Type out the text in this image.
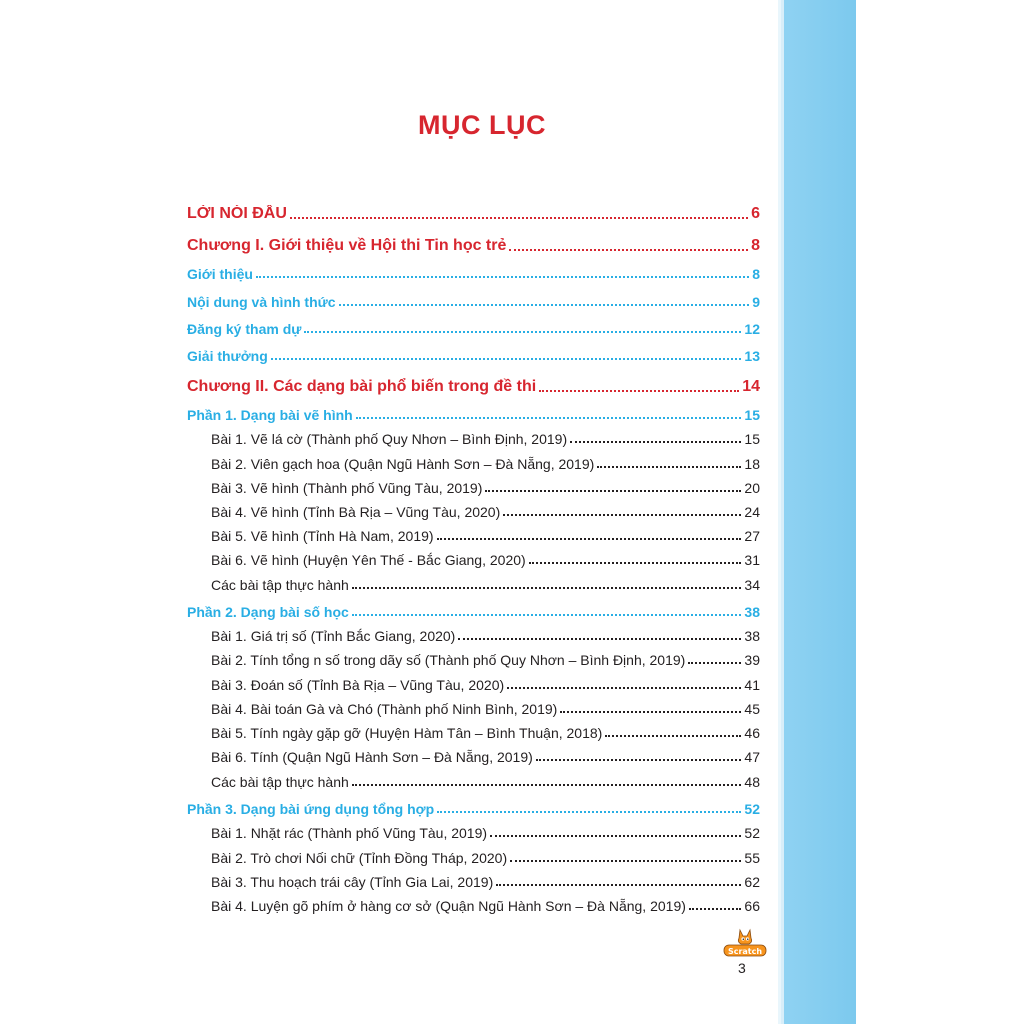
MỤC LỤC
LỜI NÓI ĐẦU	6
Chương I. Giới thiệu về Hội thi Tin học trẻ	8
Giới thiệu	8
Nội dung và hình thức	9
Đăng ký tham dự	12
Giải thưởng	13
Chương II. Các dạng bài phổ biến trong đề thi	14
Phần 1. Dạng bài vẽ hình	15
Bài 1. Vẽ lá cờ (Thành phố Quy Nhơn – Bình Định, 2019)	15
Bài 2. Viên gạch hoa (Quận Ngũ Hành Sơn – Đà Nẵng, 2019)	18
Bài 3. Vẽ hình (Thành phố Vũng Tàu, 2019)	20
Bài 4. Vẽ hình (Tỉnh Bà Rịa – Vũng Tàu, 2020)	24
Bài 5. Vẽ hình (Tỉnh Hà Nam, 2019)	27
Bài 6. Vẽ hình (Huyện Yên Thế - Bắc Giang, 2020)	31
Các bài tập thực hành	34
Phần 2. Dạng bài số học	38
Bài 1. Giá trị số (Tỉnh Bắc Giang, 2020)	38
Bài 2. Tính tổng n số trong dãy số (Thành phố Quy Nhơn – Bình Định, 2019)	39
Bài 3. Đoán số (Tỉnh Bà Rịa – Vũng Tàu, 2020)	41
Bài 4. Bài toán Gà và Chó (Thành phố Ninh Bình, 2019)	45
Bài 5. Tính ngày gặp gỡ (Huyện Hàm Tân – Bình Thuận, 2018)	46
Bài 6. Tính (Quận Ngũ Hành Sơn – Đà Nẵng, 2019)	47
Các bài tập thực hành	48
Phần 3. Dạng bài ứng dụng tổng hợp	52
Bài 1. Nhặt rác (Thành phố Vũng Tàu, 2019)	52
Bài 2. Trò chơi Nối chữ (Tỉnh Đồng Tháp, 2020)	55
Bài 3. Thu hoạch trái cây (Tỉnh Gia Lai, 2019)	62
Bài 4. Luyện gõ phím ở hàng cơ sở (Quận Ngũ Hành Sơn – Đà Nẵng, 2019)	66
Scratch
3
